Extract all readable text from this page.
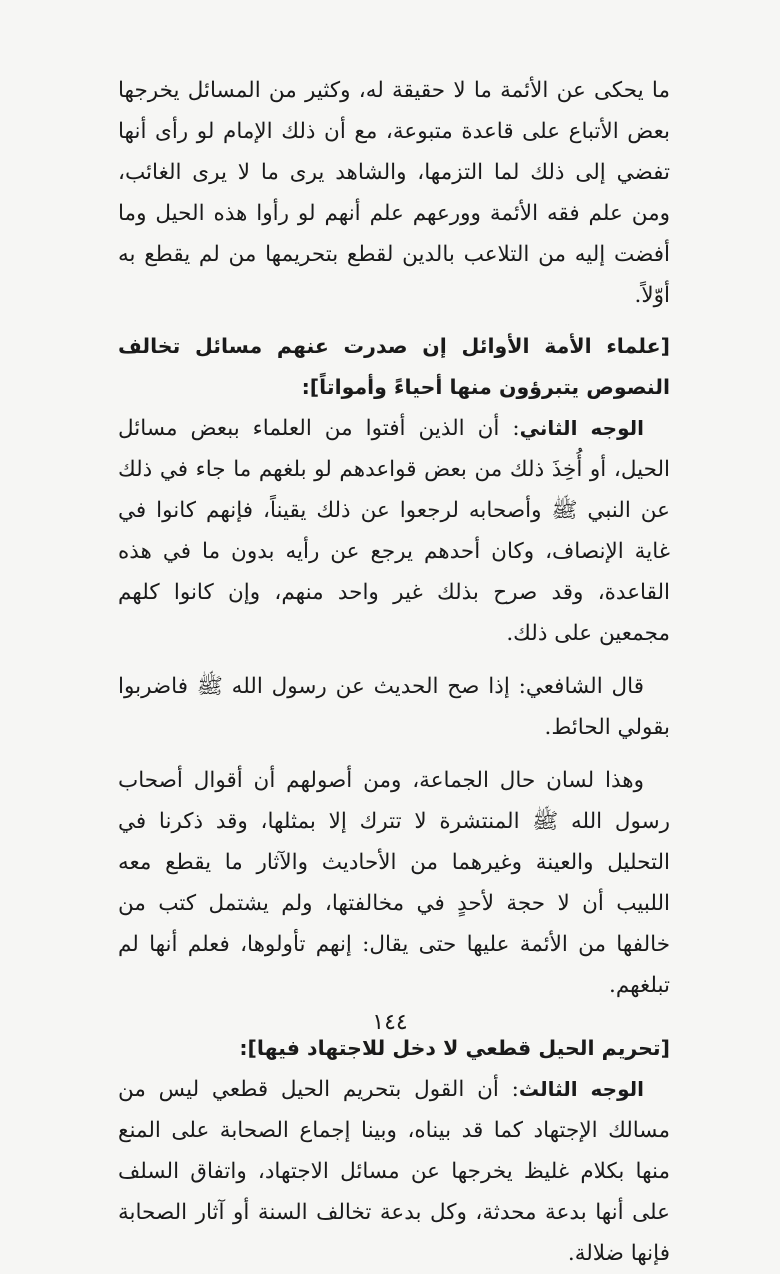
ما يحكى عن الأئمة ما لا حقيقة له، وكثير من المسائل يخرجها بعض الأتباع على قاعدة متبوعة، مع أن ذلك الإمام لو رأى أنها تفضي إلى ذلك لما التزمها، والشاهد يرى ما لا يرى الغائب، ومن علم فقه الأئمة وورعهم علم أنهم لو رأوا هذه الحيل وما أفضت إليه من التلاعب بالدين لقطع بتحريمها من لم يقطع به أوّلاً.

[علماء الأمة الأوائل إن صدرت عنهم مسائل تخالف النصوص يتبرؤون منها أحياءً وأمواتاً]:

الوجه الثاني: أن الذين أفتوا من العلماء ببعض مسائل الحيل، أو أُخِذَ ذلك من بعض قواعدهم لو بلغهم ما جاء في ذلك عن النبي ﷺ وأصحابه لرجعوا عن ذلك يقيناً، فإنهم كانوا في غاية الإنصاف، وكان أحدهم يرجع عن رأيه بدون ما في هذه القاعدة، وقد صرح بذلك غير واحد منهم، وإن كانوا كلهم مجمعين على ذلك.

قال الشافعي: إذا صح الحديث عن رسول الله ﷺ فاضربوا بقولي الحائط.

وهذا لسان حال الجماعة، ومن أصولهم أن أقوال أصحاب رسول الله ﷺ المنتشرة لا تترك إلا بمثلها، وقد ذكرنا في التحليل والعينة وغيرهما من الأحاديث والآثار ما يقطع معه اللبيب أن لا حجة لأحدٍ في مخالفتها، ولم يشتمل كتب من خالفها من الأئمة عليها حتى يقال: إنهم تأولوها، فعلم أنها لم تبلغهم.

[تحريم الحيل قطعي لا دخل للاجتهاد فيها]:

الوجه الثالث: أن القول بتحريم الحيل قطعي ليس من مسالك الإجتهاد كما قد بيناه، وبينا إجماع الصحابة على المنع منها بكلام غليظ يخرجها عن مسائل الاجتهاد، واتفاق السلف على أنها بدعة محدثة، وكل بدعة تخالف السنة أو آثار الصحابة فإنها ضلالة.

١٤٤
